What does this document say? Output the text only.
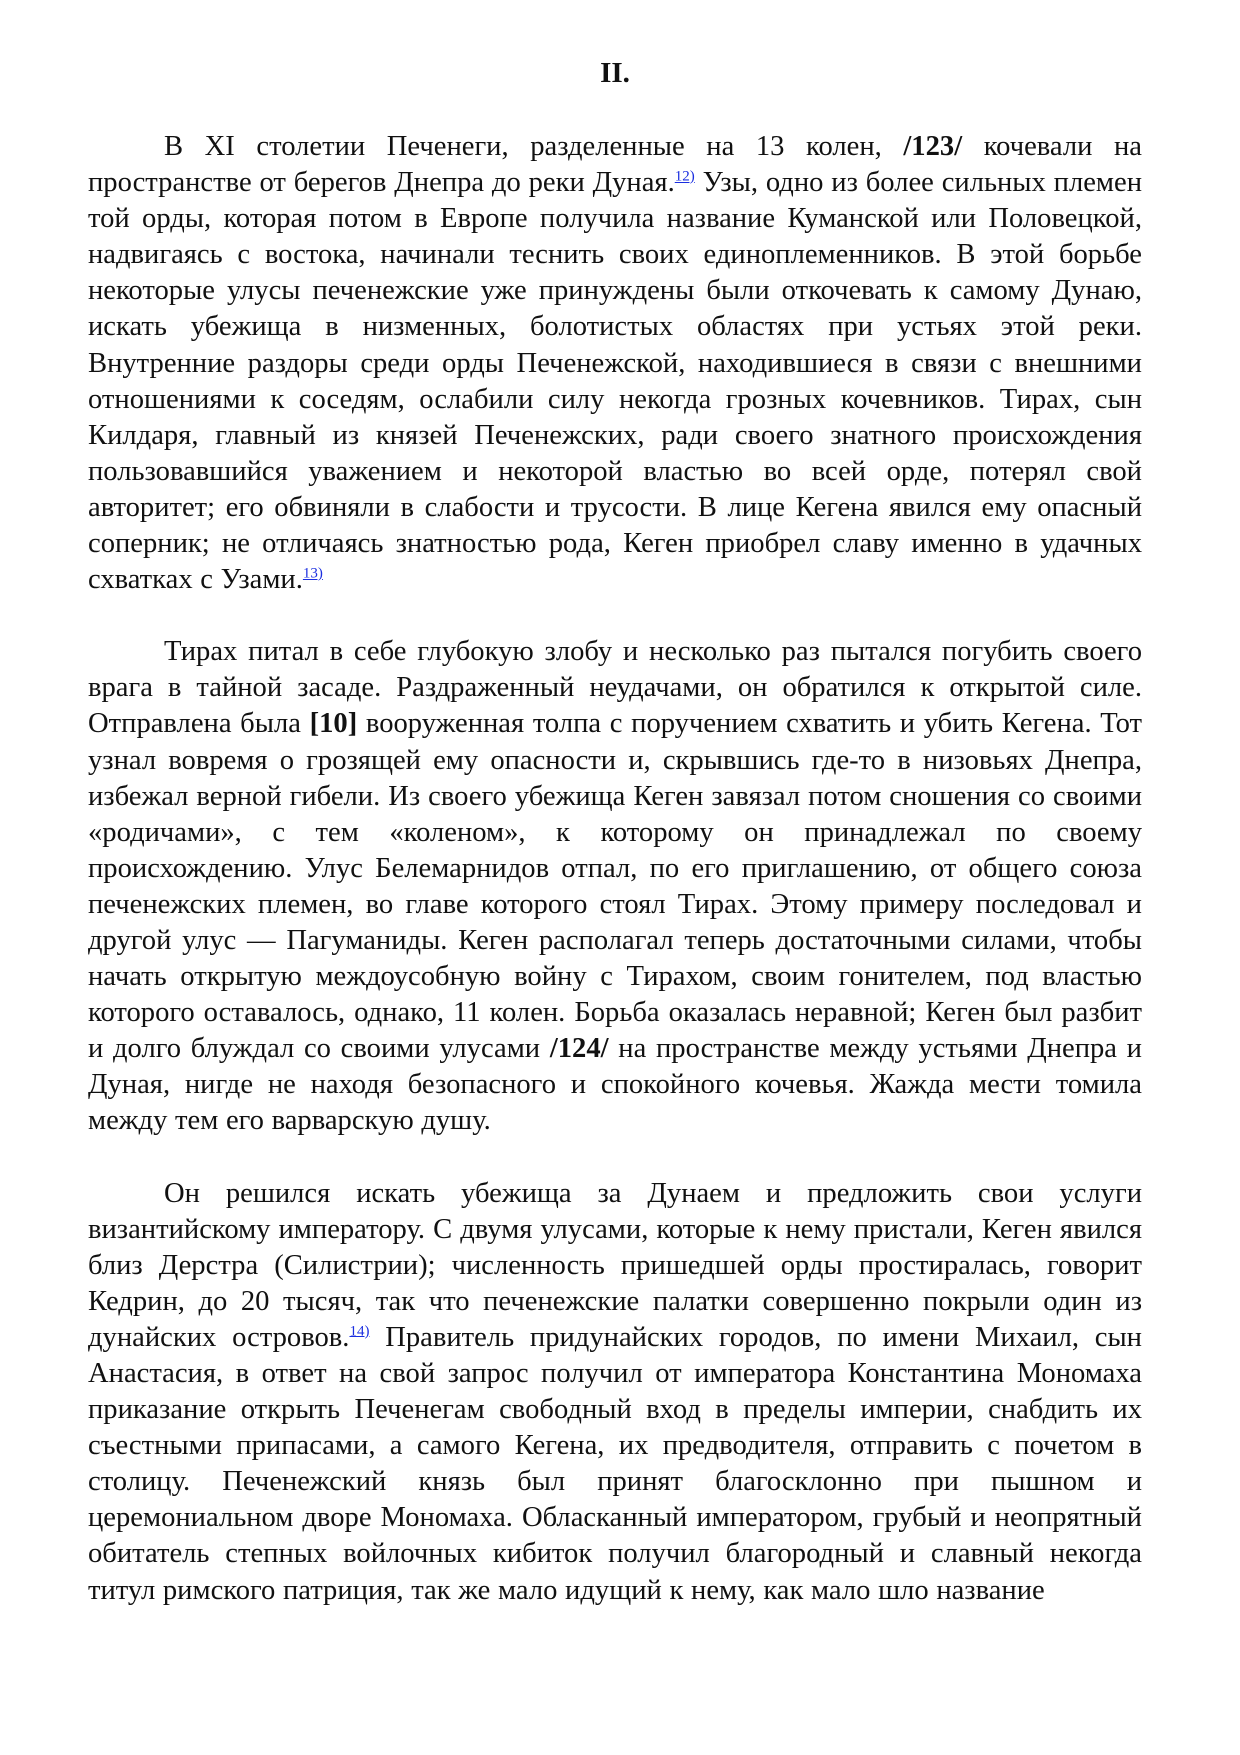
II.

В XI столетии Печенеги, разделенные на 13 колен, /123/ кочевали на пространстве от берегов Днепра до реки Дуная.$^{12)}$ Узы, одно из более сильных племен той орды, которая потом в Европе получила название Куманской или Половецкой, надвигаясь с востока, начинали теснить своих единоплеменников. В этой борьбе некоторые улусы печенежские уже принуждены были откочевать к самому Дунаю, искать убежища в низменных, болотистых областях при устьях этой реки. Внутренние раздоры среди орды Печенежской, находившиеся в связи с внешними отношениями к соседям, ослабили силу некогда грозных кочевников. Тирах, сын Килдаря, главный из князей Печенежских, ради своего знатного происхождения пользовавшийся уважением и некоторой властью во всей орде, потерял свой авторитет; его обвиняли в слабости и трусости. В лице Кегена явился ему опасный соперник; не отличаясь знатностью рода, Кеген приобрел славу именно в удачных схватках с Узами.$^{13)}$

Тирах питал в себе глубокую злобу и несколько раз пытался погубить своего врага в тайной засаде. Раздраженный неудачами, он обратился к открытой силе. Отправлена была [10] вооруженная толпа с поручением схватить и убить Кегена. Тот узнал вовремя о грозящей ему опасности и, скрывшись где-то в низовьях Днепра, избежал верной гибели. Из своего убежища Кеген завязал потом сношения со своими «родичами», с тем «коленом», к которому он принадлежал по своему происхождению. Улус Белемарнидов отпал, по его приглашению, от общего союза печенежских племен, во главе которого стоял Тирах. Этому примеру последовал и другой улус — Пагуманиды. Кеген располагал теперь достаточными силами, чтобы начать открытую междоусобную войну с Тирахом, своим гонителем, под властью которого оставалось, однако, 11 колен. Борьба оказалась неравной; Кеген был разбит и долго блуждал со своими улусами /124/ на пространстве между устьями Днепра и Дуная, нигде не находя безопасного и спокойного кочевья. Жажда мести томила между тем его варварскую душу.

Он решился искать убежища за Дунаем и предложить свои услуги византийскому императору. С двумя улусами, которые к нему пристали, Кеген явился близ Дерстра (Силистрии); численность пришедшей орды простиралась, говорит Кедрин, до 20 тысяч, так что печенежские палатки совершенно покрыли один из дунайских островов.$^{14)}$ Правитель придунайских городов, по имени Михаил, сын Анастасия, в ответ на свой запрос получил от императора Константина Мономаха приказание открыть Печенегам свободный вход в пределы империи, снабдить их съестными припасами, а самого Кегена, их предводителя, отправить с почетом в столицу. Печенежский князь был принят благосклонно при пышном и церемониальном дворе Мономаха. Обласканный императором, грубый и неопрятный обитатель степных войлочных кибиток получил благородный и славный некогда титул римского патриция, так же мало идущий к нему, как мало шло название
